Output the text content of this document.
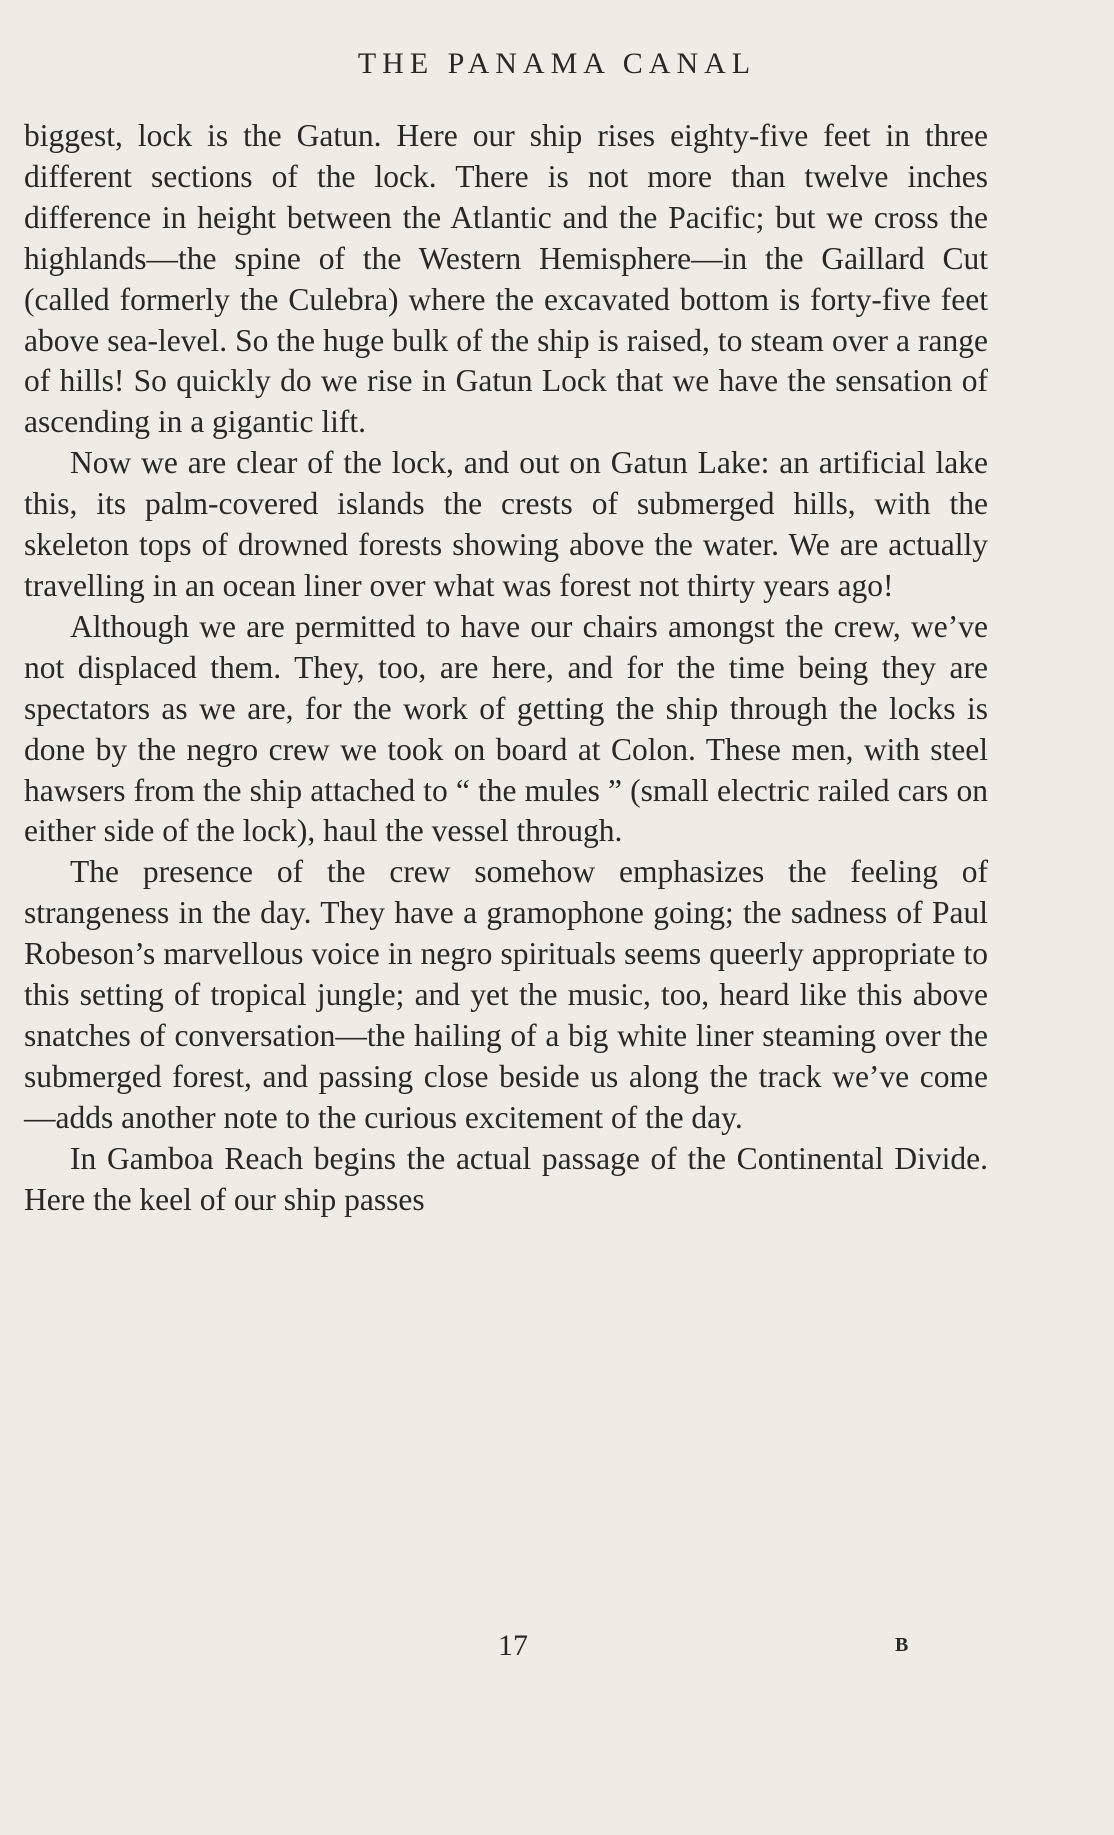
THE PANAMA CANAL

biggest, lock is the Gatun. Here our ship rises eighty-five feet in three different sections of the lock. There is not more than twelve inches difference in height between the Atlantic and the Pacific; but we cross the highlands—the spine of the Western Hemisphere—in the Gaillard Cut (called formerly the Culebra) where the excavated bottom is forty-five feet above sea-level. So the huge bulk of the ship is raised, to steam over a range of hills! So quickly do we rise in Gatun Lock that we have the sensation of ascending in a gigantic lift.

Now we are clear of the lock, and out on Gatun Lake: an artificial lake this, its palm-covered islands the crests of submerged hills, with the skeleton tops of drowned forests showing above the water. We are actually travelling in an ocean liner over what was forest not thirty years ago!

Although we are permitted to have our chairs amongst the crew, we’ve not displaced them. They, too, are here, and for the time being they are spectators as we are, for the work of getting the ship through the locks is done by the negro crew we took on board at Colon. These men, with steel hawsers from the ship attached to “ the mules ” (small electric railed cars on either side of the lock), haul the vessel through.

The presence of the crew somehow emphasizes the feeling of strangeness in the day. They have a gramophone going; the sadness of Paul Robeson’s marvellous voice in negro spirituals seems queerly appropriate to this setting of tropical jungle; and yet the music, too, heard like this above snatches of conversation—the hailing of a big white liner steaming over the submerged forest, and passing close beside us along the track we’ve come—adds another note to the curious excitement of the day.

In Gamboa Reach begins the actual passage of the Continental Divide. Here the keel of our ship passes

17	B
